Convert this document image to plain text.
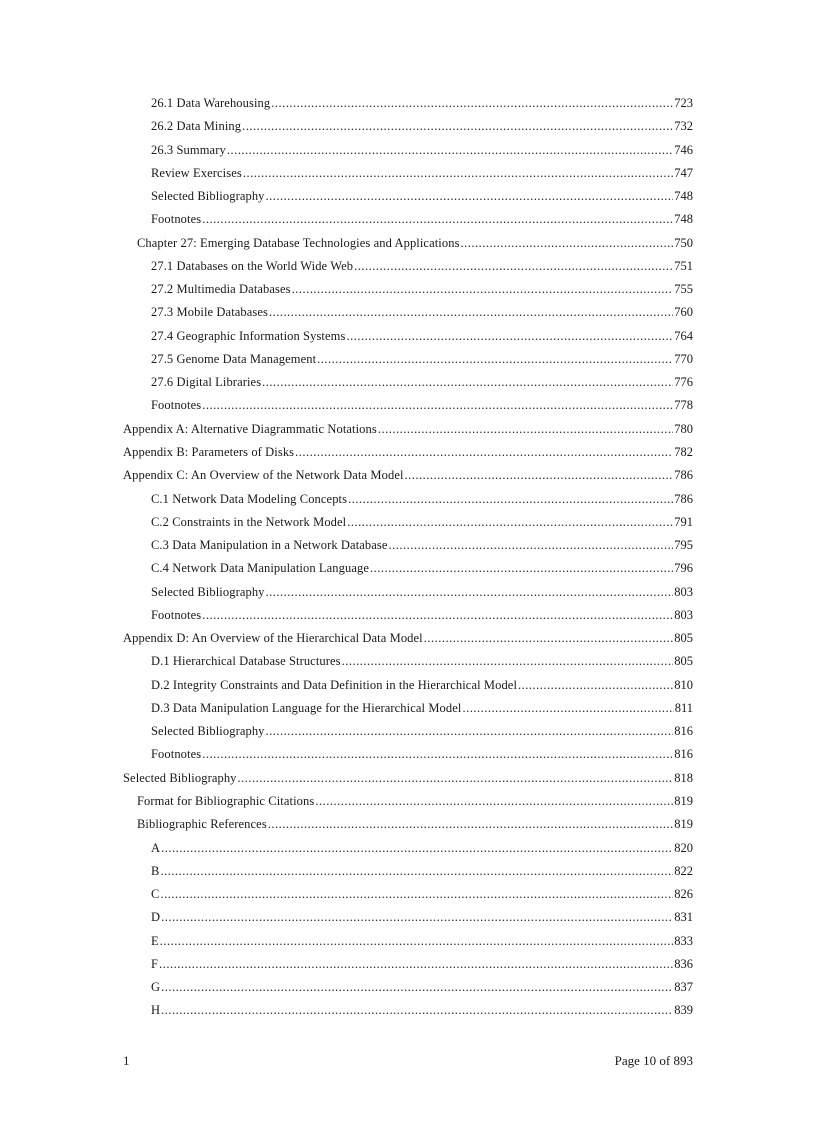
26.1 Data Warehousing .....	723
26.2 Data Mining .....	732
26.3 Summary .....	746
Review Exercises .....	747
Selected Bibliography .....	748
Footnotes .....	748
Chapter 27: Emerging Database Technologies and Applications .....	750
27.1 Databases on the World Wide Web .....	751
27.2 Multimedia Databases .....	755
27.3 Mobile Databases .....	760
27.4 Geographic Information Systems .....	764
27.5 Genome Data Management .....	770
27.6 Digital Libraries .....	776
Footnotes .....	778
Appendix A: Alternative Diagrammatic Notations .....	780
Appendix B: Parameters of Disks .....	782
Appendix C: An Overview of the Network Data Model .....	786
C.1 Network Data Modeling Concepts .....	786
C.2 Constraints in the Network Model .....	791
C.3 Data Manipulation in a Network Database .....	795
C.4 Network Data Manipulation Language .....	796
Selected Bibliography .....	803
Footnotes .....	803
Appendix D: An Overview of the Hierarchical Data Model .....	805
D.1 Hierarchical Database Structures .....	805
D.2 Integrity Constraints and Data Definition in the Hierarchical Model .....	810
D.3 Data Manipulation Language for the Hierarchical Model .....	811
Selected Bibliography .....	816
Footnotes .....	816
Selected Bibliography .....	818
Format for Bibliographic Citations .....	819
Bibliographic References .....	819
A .....	820
B .....	822
C .....	826
D .....	831
E .....	833
F .....	836
G .....	837
H .....	839
1	Page 10 of 893
